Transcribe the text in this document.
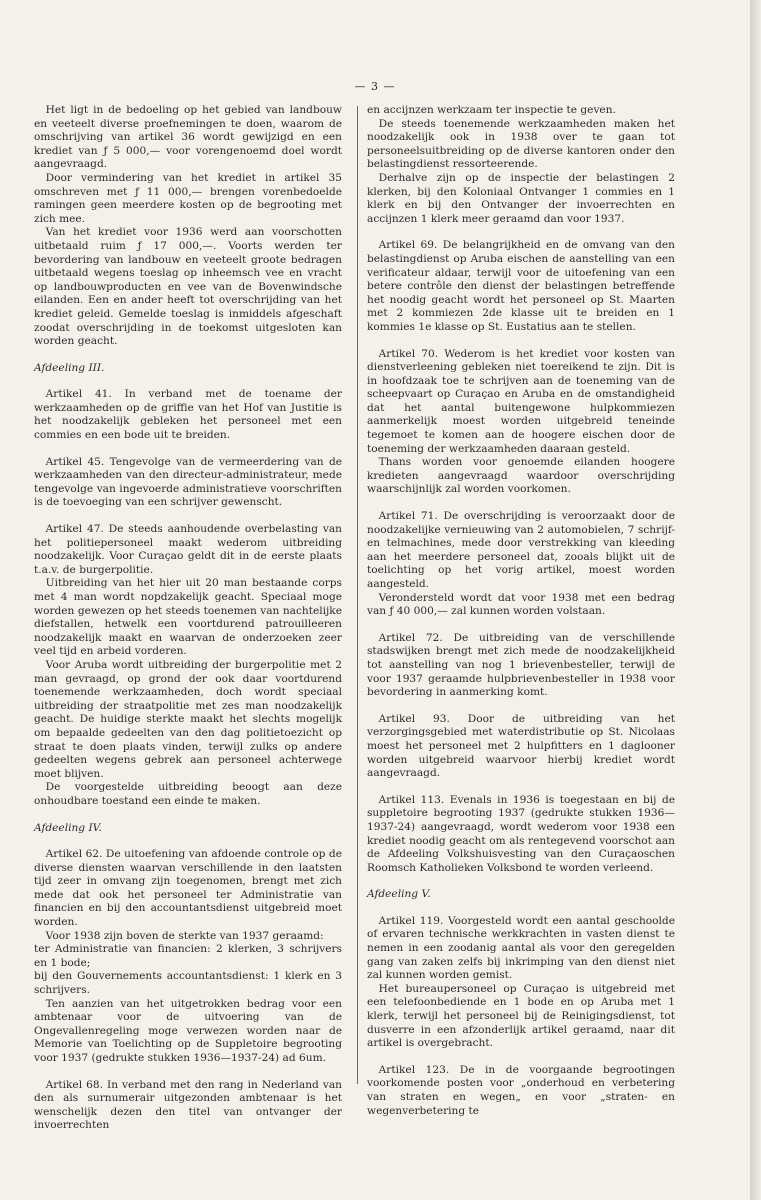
— 3 —

Het ligt in de bedoeling op het gebied van landbouw en veeteelt diverse proefnemingen te doen, waarom de omschrijving van artikel 36 wordt gewijzigd en een krediet van ƒ 5 000,— voor vorengenoemd doel wordt aangevraagd.

Door vermindering van het krediet in artikel 35 omschreven met ƒ 11 000,— brengen vorenbedoelde ramingen geen meerdere kosten op de begrooting met zich mee.

Van het krediet voor 1936 werd aan voorschotten uitbetaald ruim ƒ 17 000,—. Voorts werden ter bevordering van landbouw en veeteelt groote bedragen uitbetaald wegens toeslag op inheemsch vee en vracht op landbouwproducten en vee van de Bovenwindsche eilanden. Een en ander heeft tot overschrijding van het krediet geleid. Gemelde toeslag is inmiddels afgeschaft zoodat overschrijding in de toekomst uitgesloten kan worden geacht.

Afdeeling III.

Artikel 41. In verband met de toename der werkzaamheden op de griffie van het Hof van Justitie is het noodzakelijk gebleken het personeel met een commies en een bode uit te breiden.

Artikel 45. Tengevolge van de vermeerdering van de werkzaamheden van den directeur-administrateur, mede tengevolge van ingevoerde administratieve voorschriften is de toevoeging van een schrijver gewenscht.

Artikel 47. De steeds aanhoudende overbelasting van het politiepersoneel maakt wederom uitbreiding noodzakelijk. Voor Curaçao geldt dit in de eerste plaats t.a.v. de burgerpolitie.

Uitbreiding van het hier uit 20 man bestaande corps met 4 man wordt nopdzakelijk geacht. Speciaal moge worden gewezen op het steeds toenemen van nachtelijke diefstallen, hetwelk een voortdurend patrouilleeren noodzakelijk maakt en waarvan de onderzoeken zeer veel tijd en arbeid vorderen.

Voor Aruba wordt uitbreiding der burgerpolitie met 2 man gevraagd, op grond der ook daar voortdurend toenemende werkzaamheden, doch wordt speciaal uitbreiding der straatpolitie met zes man noodzakelijk geacht. De huidige sterkte maakt het slechts mogelijk om bepaalde gedeelten van den dag politietoezicht op straat te doen plaats vinden, terwijl zulks op andere gedeelten wegens gebrek aan personeel achterwege moet blijven.

De voorgestelde uitbreiding beoogt aan deze onhoudbare toestand een einde te maken.

Afdeeling IV.

Artikel 62. De uitoefening van afdoende controle op de diverse diensten waarvan verschillende in den laatsten tijd zeer in omvang zijn toegenomen, brengt met zich mede dat ook het personeel ter Administratie van financien en bij den accountantsdienst uitgebreid moet worden.

Voor 1938 zijn boven de sterkte van 1937 geraamd:

ter Administratie van financien: 2 klerken, 3 schrijvers en 1 bode;

bij den Gouvernements accountantsdienst: 1 klerk en 3 schrijvers.

Ten aanzien van het uitgetrokken bedrag voor een ambtenaar voor de uitvoering van de Ongevallenregeling moge verwezen worden naar de Memorie van Toelichting op de Suppletoire begrooting voor 1937 (gedrukte stukken 1936—1937-24) ad 6um.

Artikel 68. In verband met den rang in Nederland van den als surnumerair uitgezonden ambtenaar is het wenschelijk dezen den titel van ontvanger der invoerrechten

en accijnzen werkzaam ter inspectie te geven.

De steeds toenemende werkzaamheden maken het noodzakelijk ook in 1938 over te gaan tot personeelsuitbreiding op de diverse kantoren onder den belastingdienst ressorteerende.

Derhalve zijn op de inspectie der belastingen 2 klerken, bij den Koloniaal Ontvanger 1 commies en 1 klerk en bij den Ontvanger der invoerrechten en accijnzen 1 klerk meer geraamd dan voor 1937.

Artikel 69. De belangrijkheid en de omvang van den belastingdienst op Aruba eischen de aanstelling van een verificateur aldaar, terwijl voor de uitoefening van een betere contrôle den dienst der belastingen betreffende het noodig geacht wordt het personeel op St. Maarten met 2 kommiezen 2de klasse uit te breiden en 1 kommies 1e klasse op St. Eustatius aan te stellen.

Artikel 70. Wederom is het krediet voor kosten van dienstverleening gebleken niet toereikend te zijn. Dit is in hoofdzaak toe te schrijven aan de toeneming van de scheepvaart op Curaçao en Aruba en de omstandigheid dat het aantal buitengewone hulpkommiezen aanmerkelijk moest worden uitgebreid teneinde tegemoet te komen aan de hoogere eischen door de toeneming der werkzaamheden daaraan gesteld.

Thans worden voor genoemde eilanden hoogere kredieten aangevraagd waardoor overschrijding waarschijnlijk zal worden voorkomen.

Artikel 71. De overschrijding is veroorzaakt door de noodzakelijke vernieuwing van 2 automobielen, 7 schrijf- en telmachines, mede door verstrekking van kleeding aan het meerdere personeel dat, zooals blijkt uit de toelichting op het vorig artikel, moest worden aangesteld.

Verondersteld wordt dat voor 1938 met een bedrag van ƒ 40 000,— zal kunnen worden volstaan.

Artikel 72. De uitbreiding van de verschillende stadswijken brengt met zich mede de noodzakelijkheid tot aanstelling van nog 1 brievenbesteller, terwijl de voor 1937 geraamde hulpbrievenbesteller in 1938 voor bevordering in aanmerking komt.

Artikel 93. Door de uitbreiding van het verzorgingsgebied met waterdistributie op St. Nicolaas moest het personeel met 2 hulpfitters en 1 daglooner worden uitgebreid waarvoor hierbij krediet wordt aangevraagd.

Artikel 113. Evenals in 1936 is toegestaan en bij de suppletoire begrooting 1937 (gedrukte stukken 1936—1937-24) aangevraagd, wordt wederom voor 1938 een krediet noodig geacht om als rentegevend voorschot aan de Afdeeling Volkshuisvesting van den Curaçaoschen Roomsch Katholieken Volksbond te worden verleend.

Afdeeling V.

Artikel 119. Voorgesteld wordt een aantal geschoolde of ervaren technische werkkrachten in vasten dienst te nemen in een zoodanig aantal als voor den geregelden gang van zaken zelfs bij inkrimping van den dienst niet zal kunnen worden gemist.

Het bureaupersoneel op Curaçao is uitgebreid met een telefoonbediende en 1 bode en op Aruba met 1 klerk, terwijl het personeel bij de Reinigingsdienst, tot dusverre in een afzonderlijk artikel geraamd, naar dit artikel is overgebracht.

Artikel 123. De in de voorgaande begrootingen voorkomende posten voor „onderhoud en verbetering van straten en wegen„ en voor „straten- en wegenverbetering te
